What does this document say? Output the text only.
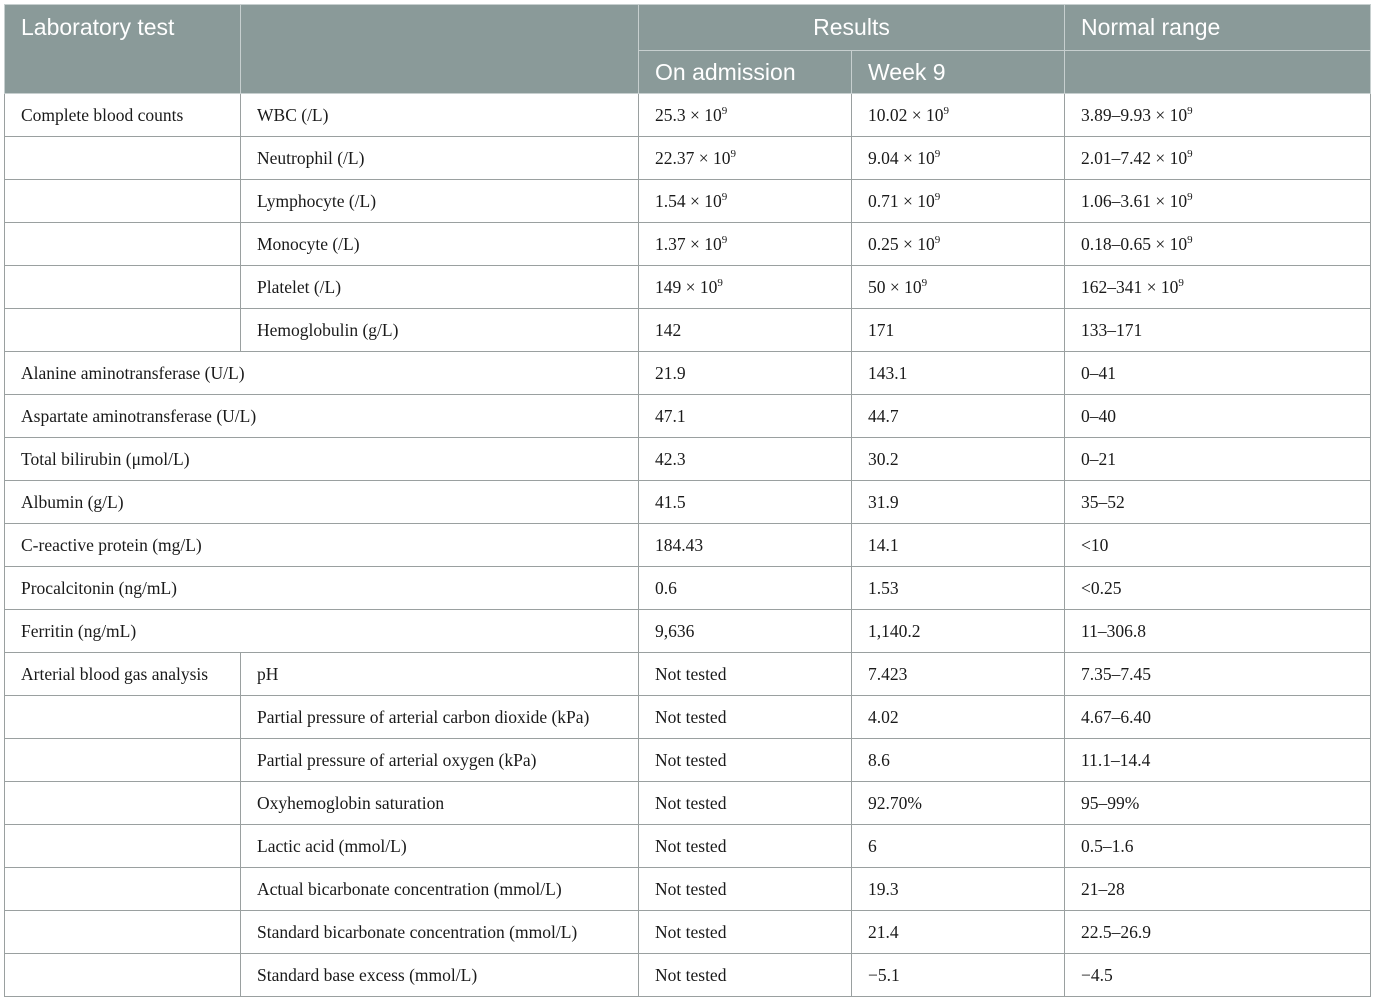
Laboratory test		Results		Normal range
		On admission	Week 9	
Complete blood counts	WBC (/L)	$25.3 \times 10^9$	$10.02 \times 10^9$	$3.89-9.93 \times 10^9$
	Neutrophil (/L)	$22.37 \times 10^9$	$9.04 \times 10^9$	$2.01-7.42 \times 10^9$
	Lymphocyte (/L)	$1.54 \times 10^9$	$0.71 \times 10^9$	$1.06-3.61 \times 10^9$
	Monocyte (/L)	$1.37 \times 10^9$	$0.25 \times 10^9$	$0.18-0.65 \times 10^9$
	Platelet (/L)	$149 \times 10^9$	$50 \times 10^9$	$162-341 \times 10^9$
	Hemoglobulin (g/L)	142	171	133–171
Alanine aminotransferase (U/L)		21.9	143.1	0–41
Aspartate aminotransferase (U/L)		47.1	44.7	0–40
Total bilirubin (μmol/L)		42.3	30.2	0–21
Albumin (g/L)		41.5	31.9	35–52
C-reactive protein (mg/L)		184.43	14.1	<10
Procalcitonin (ng/mL)		0.6	1.53	<0.25
Ferritin (ng/mL)		9,636	1,140.2	11–306.8
Arterial blood gas analysis	pH	Not tested	7.423	7.35–7.45
	Partial pressure of arterial carbon dioxide (kPa)	Not tested	4.02	4.67–6.40
	Partial pressure of arterial oxygen (kPa)	Not tested	8.6	11.1–14.4
	Oxyhemoglobin saturation	Not tested	92.70%	95–99%
	Lactic acid (mmol/L)	Not tested	6	0.5–1.6
	Actual bicarbonate concentration (mmol/L)	Not tested	19.3	21–28
	Standard bicarbonate concentration (mmol/L)	Not tested	21.4	22.5–26.9
	Standard base excess (mmol/L)	Not tested	−5.1	−4.5
